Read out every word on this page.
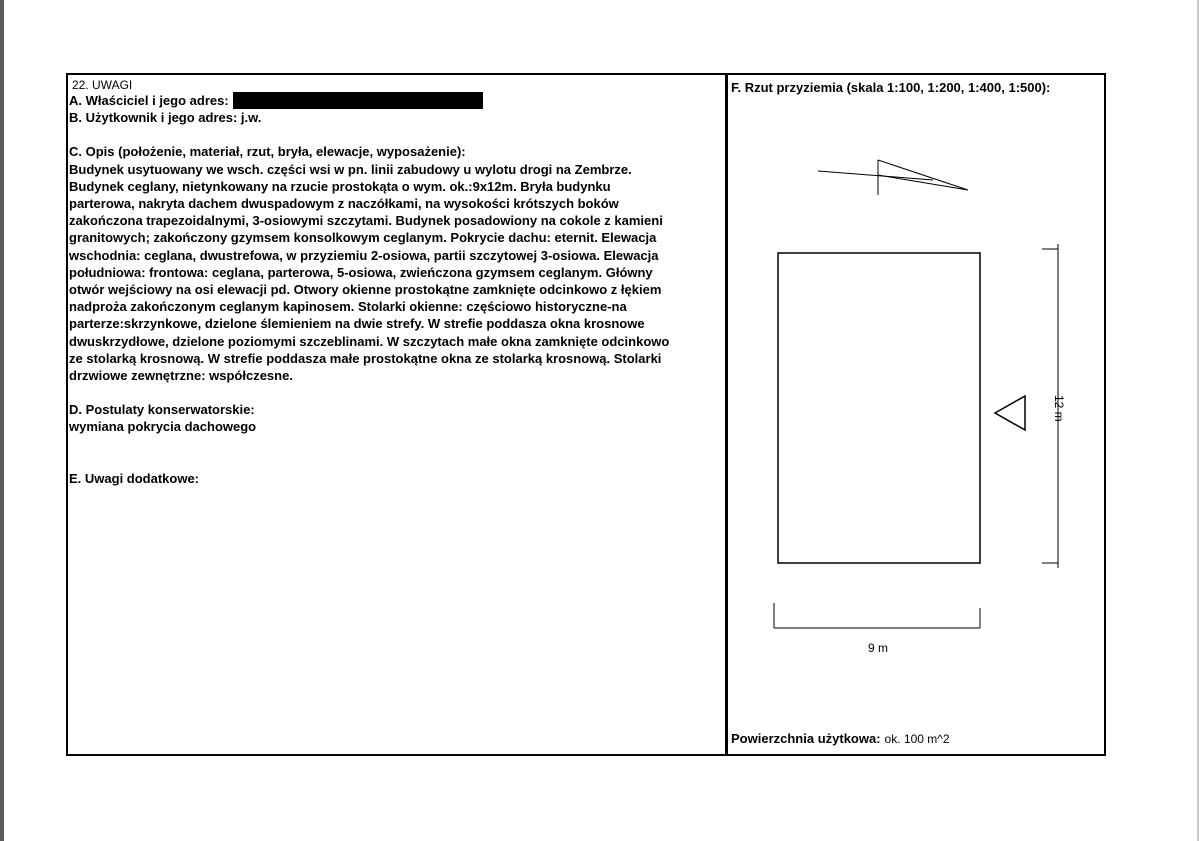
22. UWAGI
A. Właściciel i jego adres:
B. Użytkownik i jego adres: j.w.
C. Opis (położenie, materiał, rzut, bryła, elewacje, wyposażenie):
Budynek usytuowany we wsch. części wsi w pn. linii zabudowy u wylotu drogi na Zembrze.
Budynek ceglany, nietynkowany na rzucie prostokąta o wym. ok.:9x12m. Bryła budynku
parterowa, nakryta dachem dwuspadowym z naczółkami, na wysokości krótszych boków
zakończona trapezoidalnymi, 3-osiowymi szczytami. Budynek posadowiony na cokole z kamieni
granitowych; zakończony gzymsem konsolkowym ceglanym. Pokrycie dachu: eternit. Elewacja
wschodnia: ceglana, dwustrefowa, w przyziemiu 2-osiowa, partii szczytowej 3-osiowa. Elewacja
południowa: frontowa: ceglana, parterowa, 5-osiowa, zwieńczona gzymsem ceglanym. Główny
otwór wejściowy na osi elewacji pd. Otwory okienne prostokątne zamknięte odcinkowo z łękiem
nadproża zakończonym ceglanym kapinosem. Stolarki okienne: częściowo historyczne-na
parterze:skrzynkowe, dzielone ślemieniem na dwie strefy. W strefie poddasza okna krosnowe
dwuskrzydłowe, dzielone poziomymi szczeblinami. W szczytach małe okna zamknięte odcinkowo
ze stolarką krosnową. W strefie poddasza małe prostokątne okna ze stolarką krosnową. Stolarki
drzwiowe zewnętrzne: współczesne.
D. Postulaty konserwatorskie:
wymiana pokrycia dachowego
E. Uwagi dodatkowe:
F. Rzut przyziemia (skala 1:100, 1:200, 1:400, 1:500):
12 m
9 m
Powierzchnia użytkowa: ok. 100 m^2
